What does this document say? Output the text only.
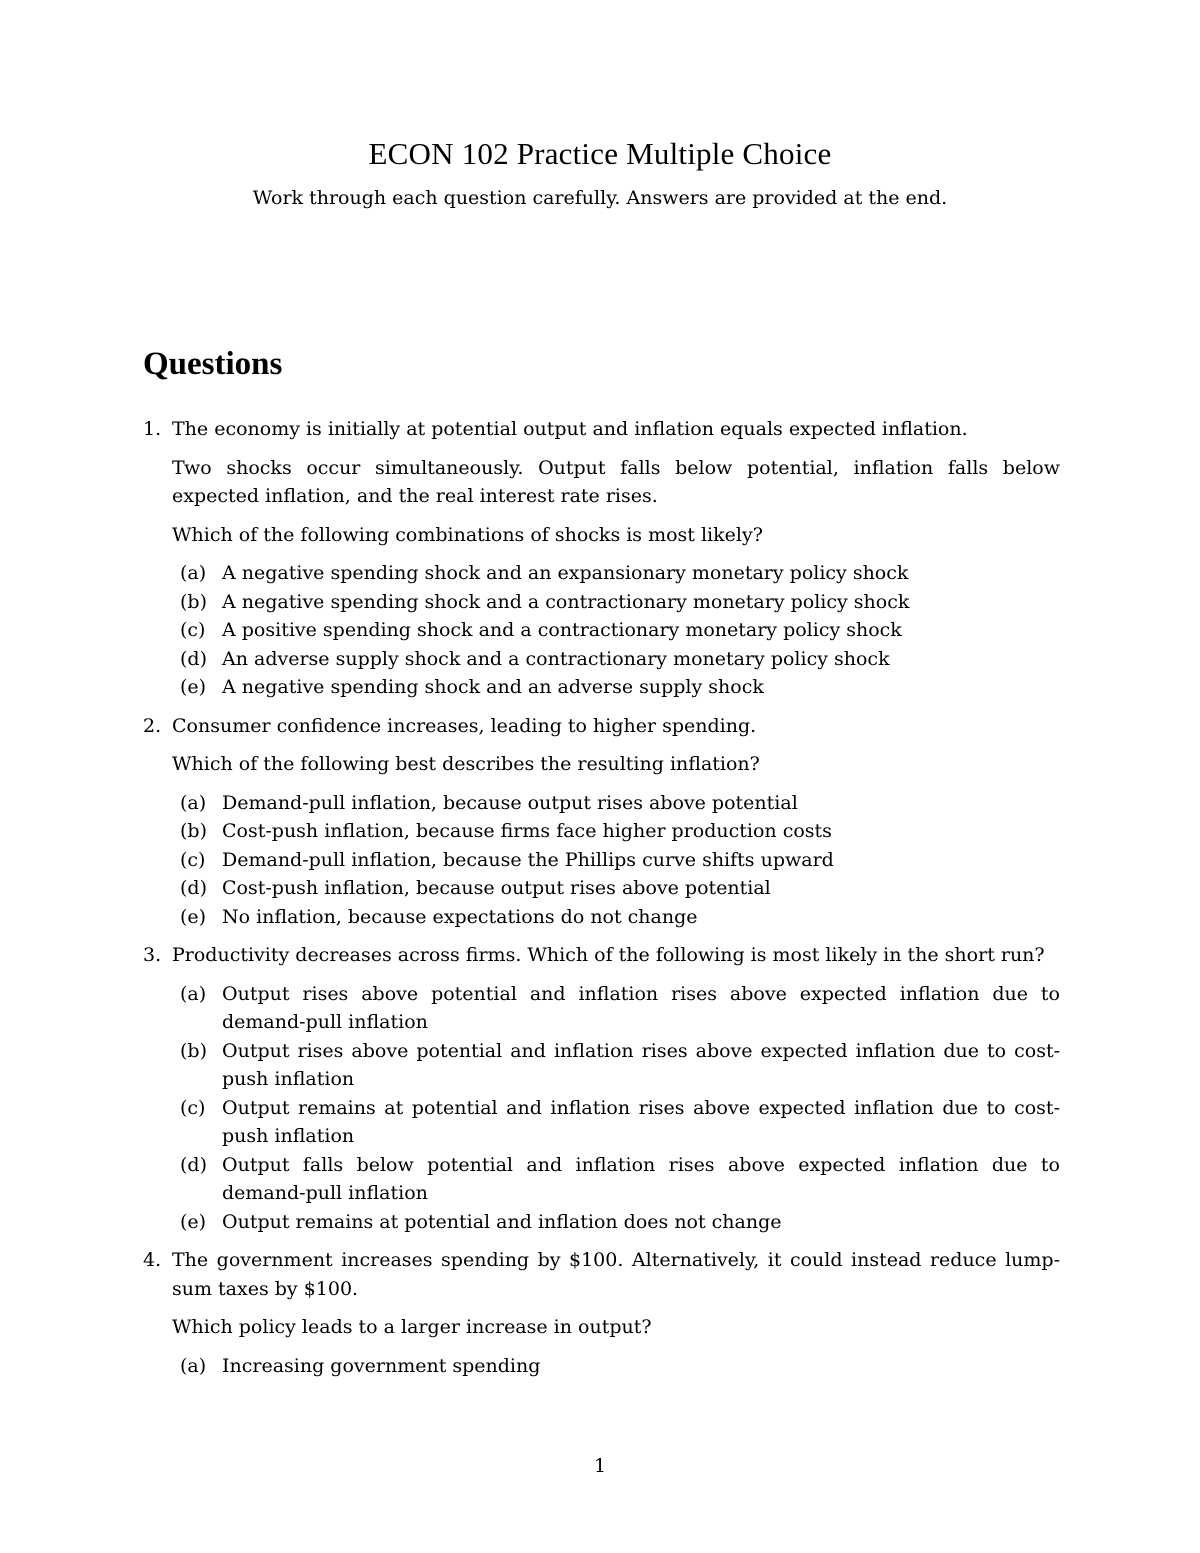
ECON 102 Practice Multiple Choice
Work through each question carefully. Answers are provided at the end.
Questions
1. The economy is initially at potential output and inflation equals expected inflation.
Two shocks occur simultaneously. Output falls below potential, inflation falls below expected inflation, and the real interest rate rises.
Which of the following combinations of shocks is most likely?
(a) A negative spending shock and an expansionary monetary policy shock
(b) A negative spending shock and a contractionary monetary policy shock
(c) A positive spending shock and a contractionary monetary policy shock
(d) An adverse supply shock and a contractionary monetary policy shock
(e) A negative spending shock and an adverse supply shock
2. Consumer confidence increases, leading to higher spending.
Which of the following best describes the resulting inflation?
(a) Demand-pull inflation, because output rises above potential
(b) Cost-push inflation, because firms face higher production costs
(c) Demand-pull inflation, because the Phillips curve shifts upward
(d) Cost-push inflation, because output rises above potential
(e) No inflation, because expectations do not change
3. Productivity decreases across firms. Which of the following is most likely in the short run?
(a) Output rises above potential and inflation rises above expected inflation due to demand-pull inflation
(b) Output rises above potential and inflation rises above expected inflation due to cost-push inflation
(c) Output remains at potential and inflation rises above expected inflation due to cost-push inflation
(d) Output falls below potential and inflation rises above expected inflation due to demand-pull inflation
(e) Output remains at potential and inflation does not change
4. The government increases spending by $100. Alternatively, it could instead reduce lump-sum taxes by $100.
Which policy leads to a larger increase in output?
(a) Increasing government spending
1
